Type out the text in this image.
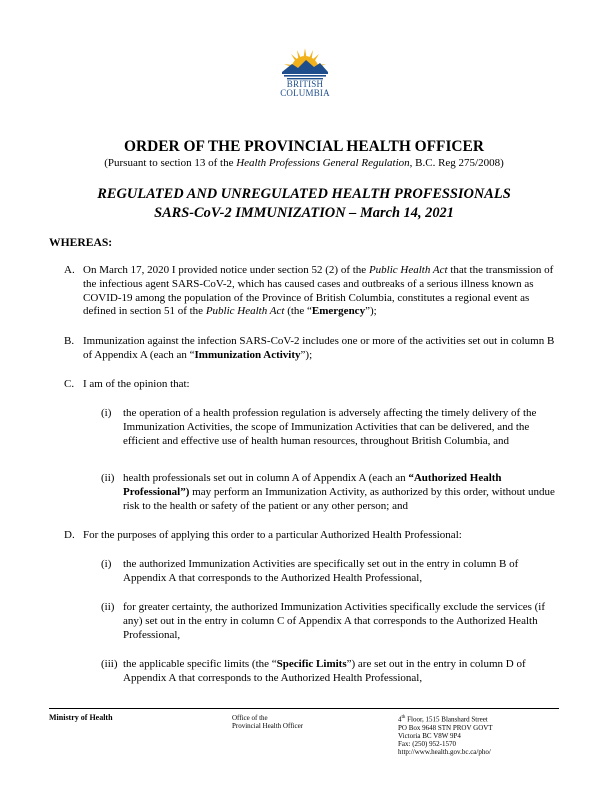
BRITISH
COLUMBIA
ORDER OF THE PROVINCIAL HEALTH OFFICER
(Pursuant to section 13 of the Health Professions General Regulation, B.C. Reg 275/2008)
REGULATED AND UNREGULATED HEALTH PROFESSIONALS
SARS-CoV-2 IMMUNIZATION – March 14, 2021
WHEREAS:
A. On March 17, 2020 I provided notice under section 52 (2) of the Public Health Act that the transmission of the infectious agent SARS-CoV-2, which has caused cases and outbreaks of a serious illness known as COVID-19 among the population of the Province of British Columbia, constitutes a regional event as defined in section 51 of the Public Health Act (the “Emergency”);
B. Immunization against the infection SARS-CoV-2 includes one or more of the activities set out in column B of Appendix A (each an “Immunization Activity”);
C. I am of the opinion that:
(i) the operation of a health profession regulation is adversely affecting the timely delivery of the Immunization Activities, the scope of Immunization Activities that can be delivered, and the efficient and effective use of health human resources, throughout British Columbia, and
(ii) health professionals set out in column A of Appendix A (each an “Authorized Health Professional”) may perform an Immunization Activity, as authorized by this order, without undue risk to the health or safety of the patient or any other person; and
D. For the purposes of applying this order to a particular Authorized Health Professional:
(i) the authorized Immunization Activities are specifically set out in the entry in column B of Appendix A that corresponds to the Authorized Health Professional,
(ii) for greater certainty, the authorized Immunization Activities specifically exclude the services (if any) set out in the entry in column C of Appendix A that corresponds to the Authorized Health Professional,
(iii) the applicable specific limits (the “Specific Limits”) are set out in the entry in column D of Appendix A that corresponds to the Authorized Health Professional,
Ministry of Health	Office of the
Provincial Health Officer
4th Floor, 1515 Blanshard Street
PO Box 9648 STN PROV GOVT
Victoria BC V8W 9P4
Fax: (250) 952-1570
http://www.health.gov.bc.ca/pho/
